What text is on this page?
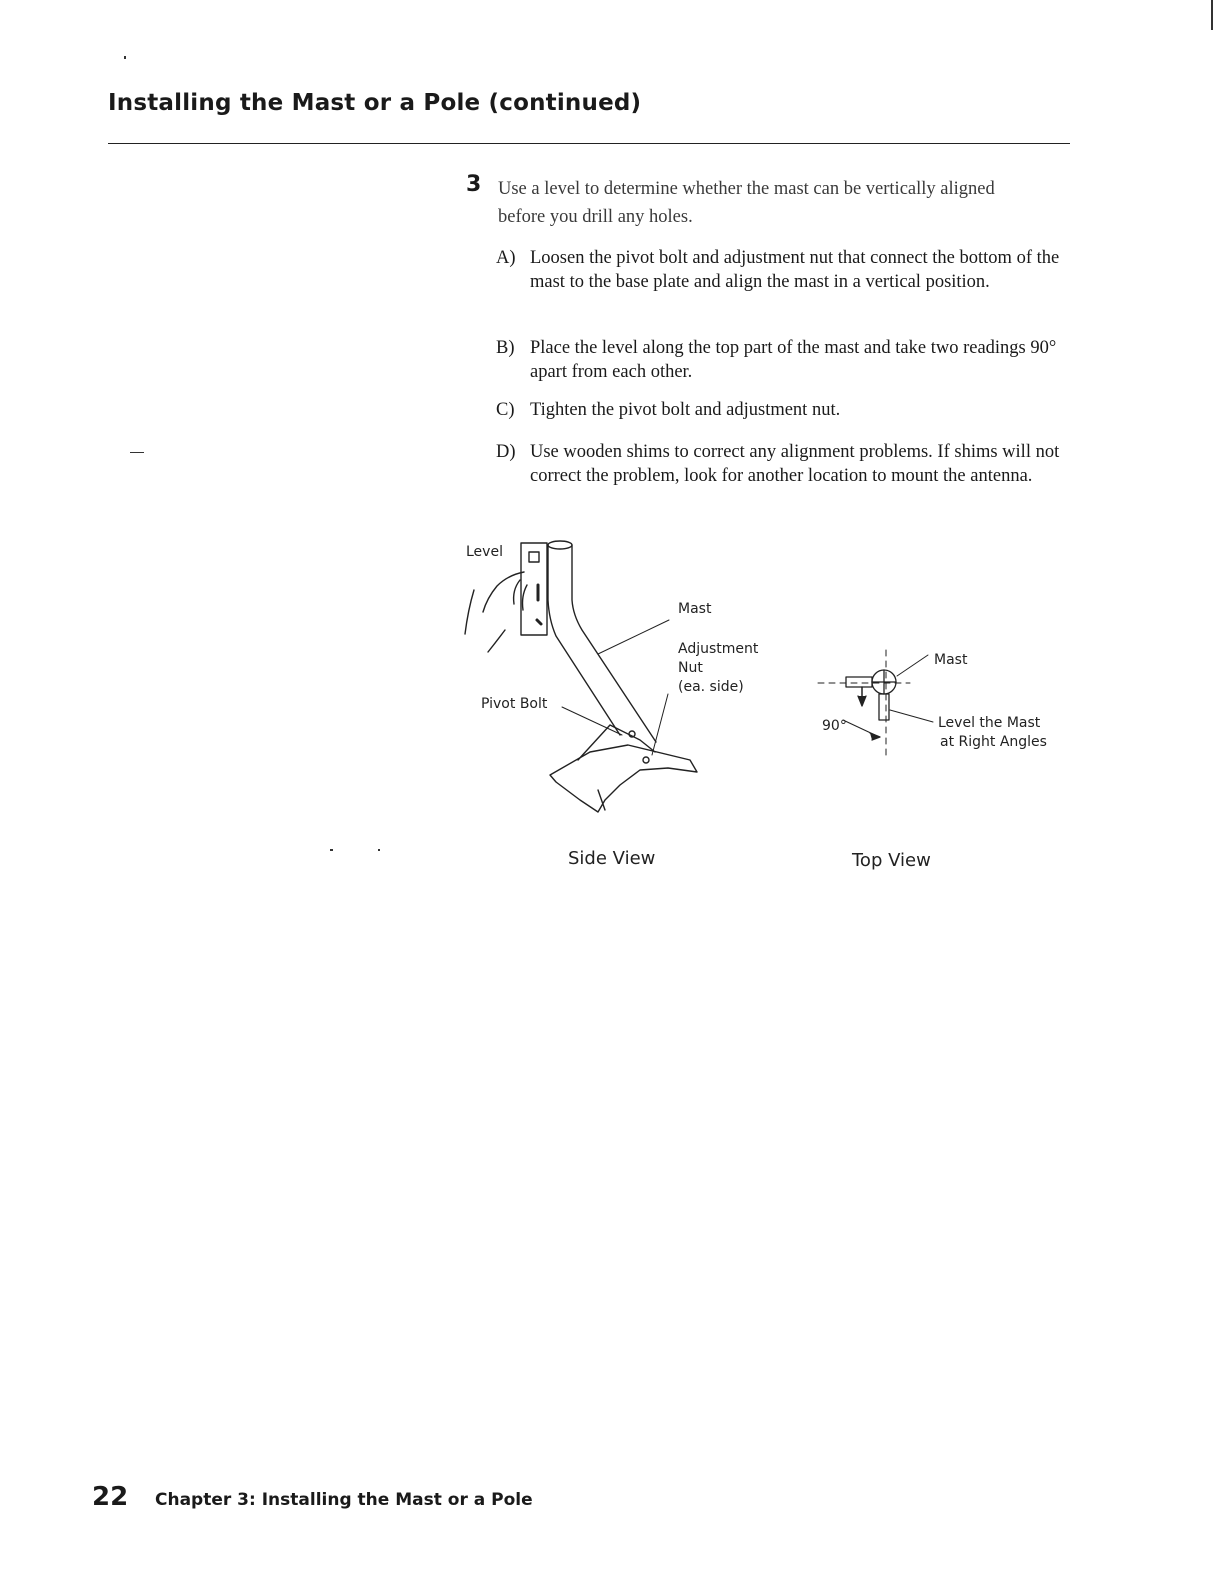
Installing the Mast or a Pole (continued)
3 Use a level to determine whether the mast can be vertically aligned before you drill any holes.
A) Loosen the pivot bolt and adjustment nut that connect the bottom of the mast to the base plate and align the mast in a vertical position.
B) Place the level along the top part of the mast and take two readings 90° apart from each other.
C) Tighten the pivot bolt and adjustment nut.
D) Use wooden shims to correct any alignment problems. If shims will not correct the problem, look for another location to mount the antenna.
Level
Mast
Adjustment
Nut
(ea. side)
Pivot Bolt
Side View
Mast
90°	Level the Mast
at Right Angles
Top View
22 Chapter 3: Installing the Mast or a Pole
